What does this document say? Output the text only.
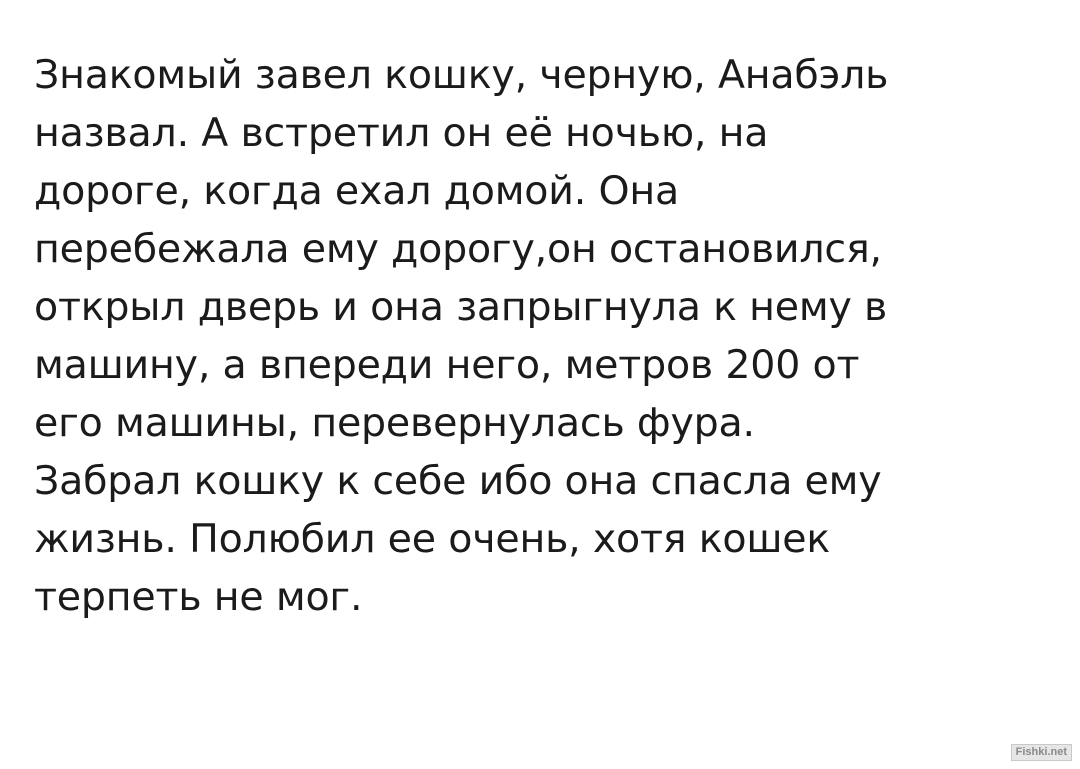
Знакомый завел кошку, черную, Анабэль
назвал. А встретил он её ночью, на
дороге, когда ехал домой. Она
перебежала ему дорогу,он остановился,
открыл дверь и она запрыгнула к нему в
машину, а впереди него, метров 200 от
его машины, перевернулась фура.
Забрал кошку к себе ибо она спасла ему
жизнь. Полюбил ее очень, хотя кошек
терпеть не мог.
Fishki.net
